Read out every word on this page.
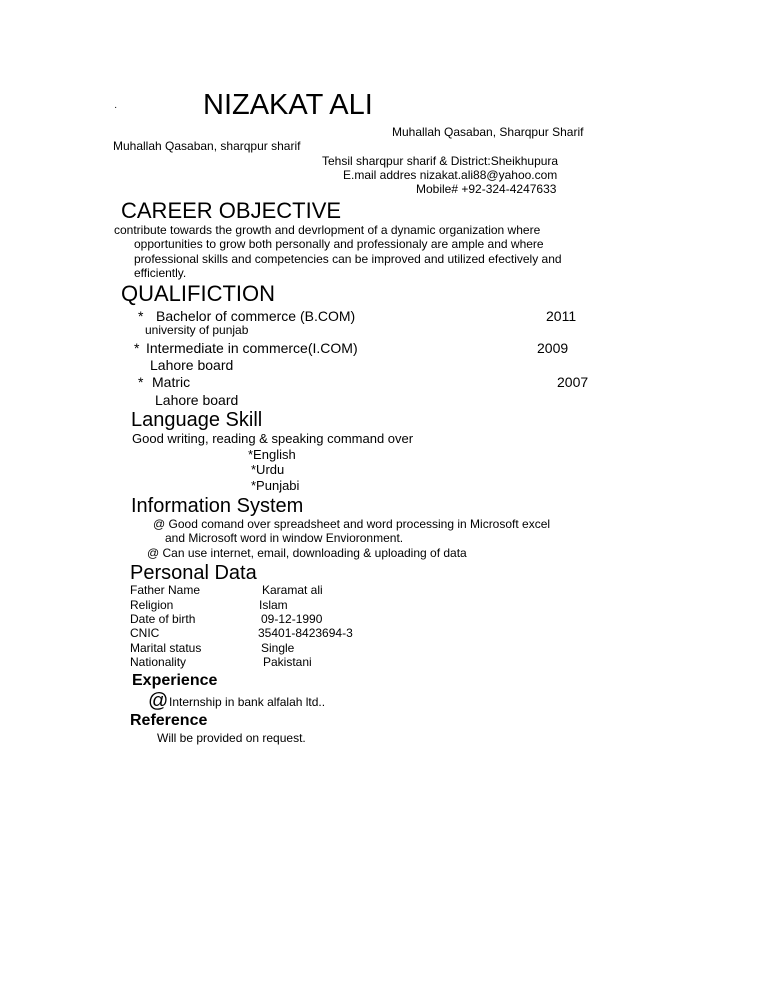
·	NIZAKAT ALI
Muhallah Qasaban, Sharqpur Sharif
Muhallah Qasaban, sharqpur sharif
Tehsil sharqpur sharif & District:Sheikhupura
E.mail addres nizakat.ali88@yahoo.com
Mobile# +92-324-4247633
CAREER OBJECTIVE
contribute towards the growth and devrlopment of a dynamic organization where
opportunities to grow both personally and professionaly are ample and where
professional skills and competencies can be improved and utilized efectively and
efficiently.
QUALIFICTION
* Bachelor of commerce (B.COM)	2011
university of punjab
* Intermediate in commerce(I.COM)	2009
Lahore board
* Matric	2007
Lahore board
Language Skill
Good writing, reading & speaking command over
*English
*Urdu
*Punjabi
Information System
@ Good comand over spreadsheet and word processing in Microsoft excel
and Microsoft word in window Envioronment.
@ Can use internet, email, downloading & uploading of data
Personal Data
Father Name	Karamat ali
Religion	Islam
Date of birth	09-12-1990
CNIC	35401-8423694-3
Marital status	Single
Nationality	Pakistani
Experience
@ Internship in bank alfalah ltd..
Reference
Will be provided on request.
